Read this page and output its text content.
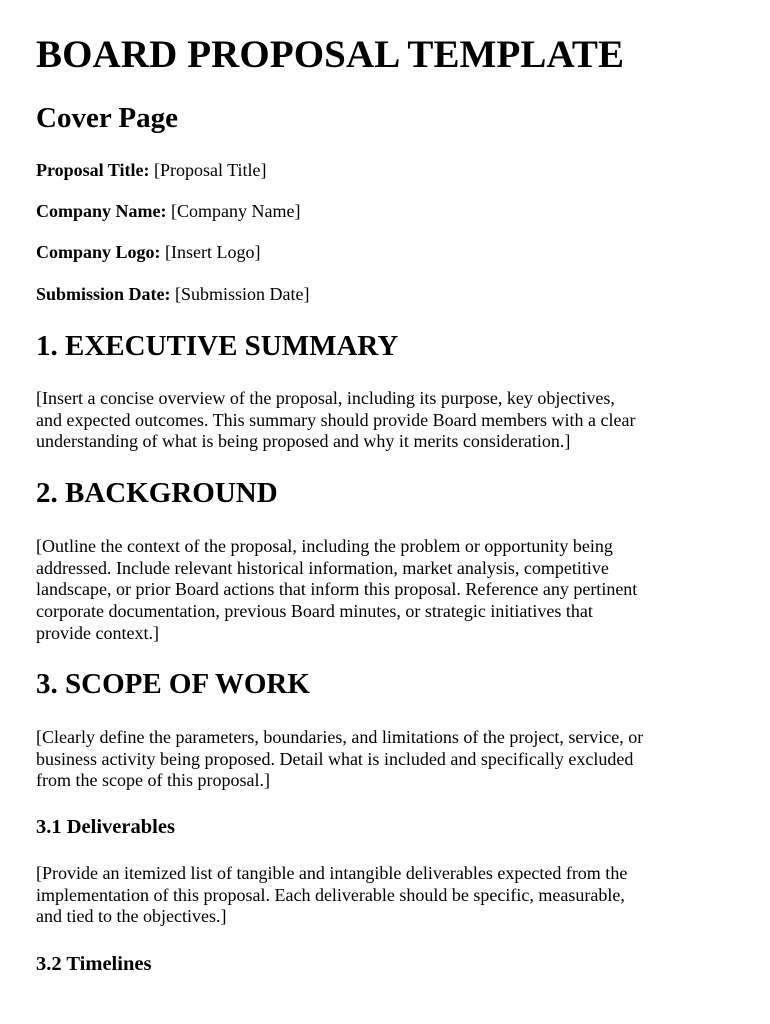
BOARD PROPOSAL TEMPLATE
Cover Page

Proposal Title: [Proposal Title]

Company Name: [Company Name]

Company Logo: [Insert Logo]

Submission Date: [Submission Date]

1. EXECUTIVE SUMMARY

[Insert a concise overview of the proposal, including its purpose, key objectives,
and expected outcomes. This summary should provide Board members with a clear
understanding of what is being proposed and why it merits consideration.]

2. BACKGROUND

[Outline the context of the proposal, including the problem or opportunity being
addressed. Include relevant historical information, market analysis, competitive
landscape, or prior Board actions that inform this proposal. Reference any pertinent
corporate documentation, previous Board minutes, or strategic initiatives that
provide context.]

3. SCOPE OF WORK

[Clearly define the parameters, boundaries, and limitations of the project, service, or
business activity being proposed. Detail what is included and specifically excluded
from the scope of this proposal.]

3.1 Deliverables

[Provide an itemized list of tangible and intangible deliverables expected from the
implementation of this proposal. Each deliverable should be specific, measurable,
and tied to the objectives.]

3.2 Timelines
